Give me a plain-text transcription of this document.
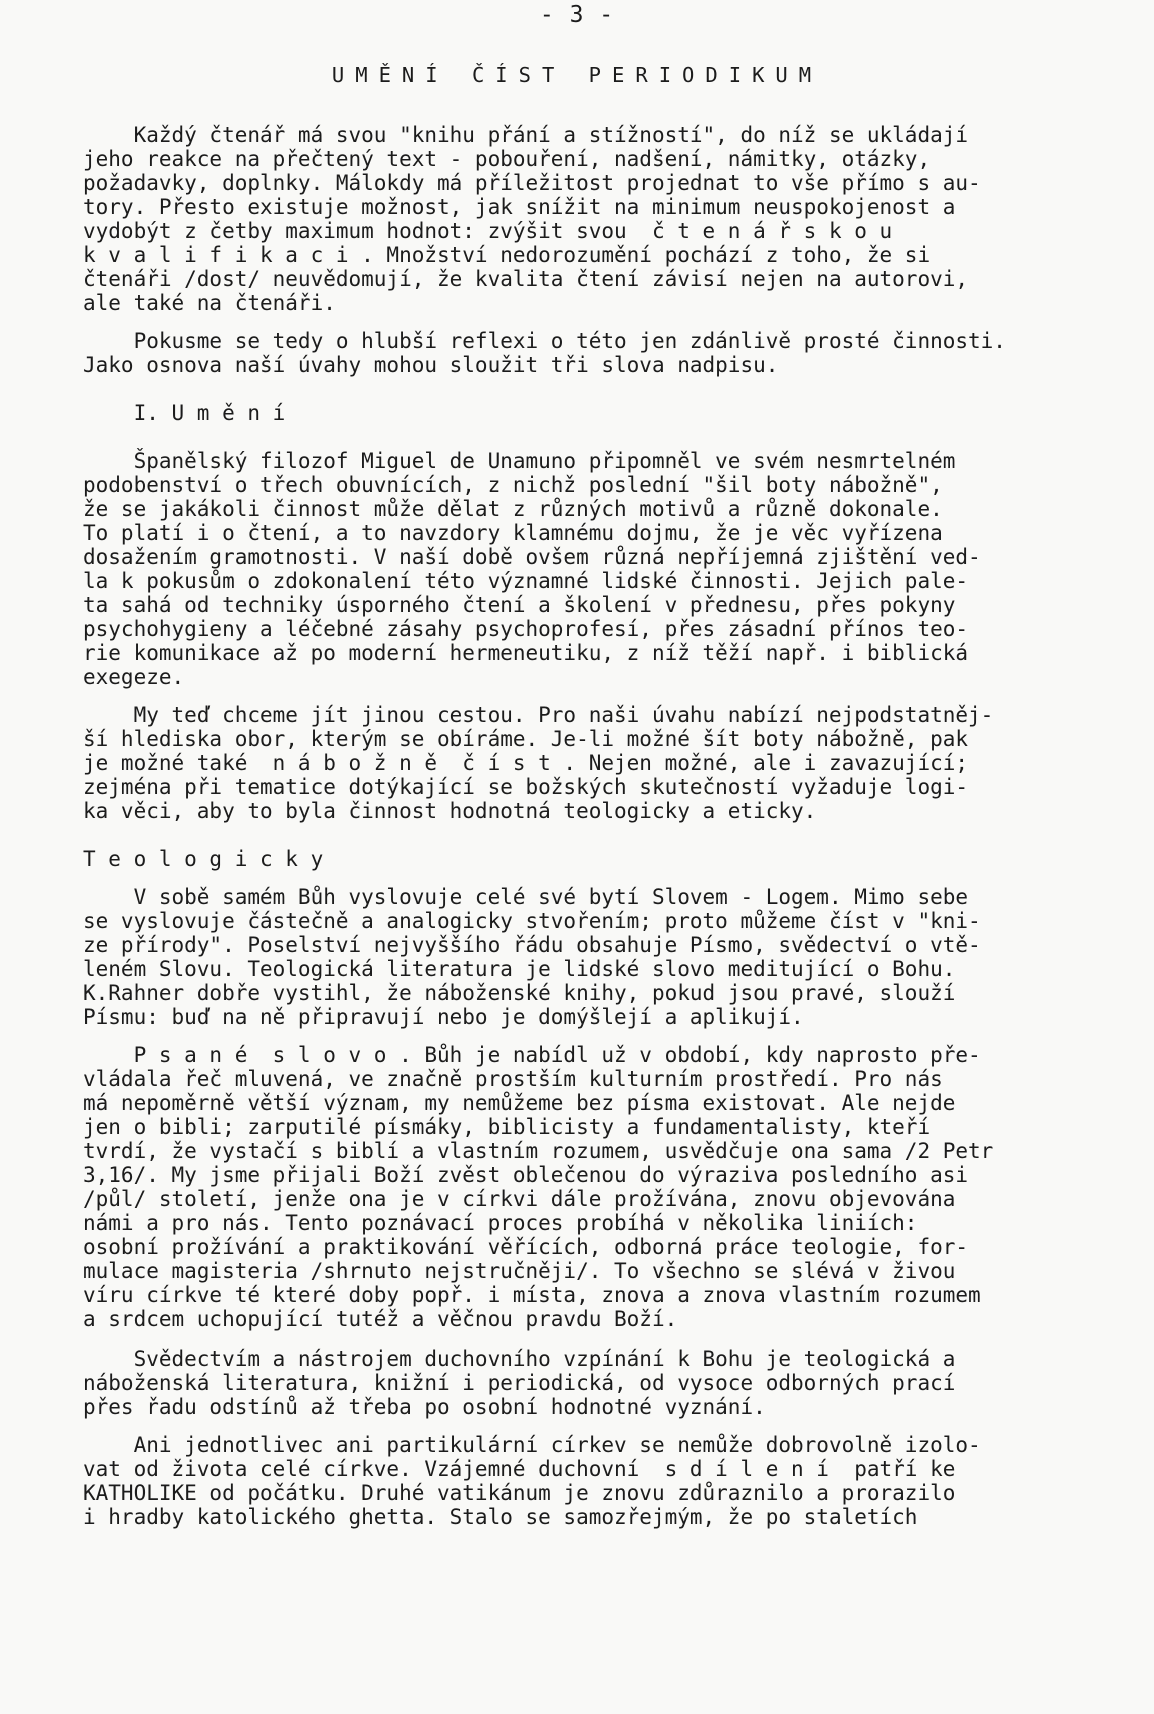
- 3 -
UMĚNÍ ČÍST PERIODIKUM
Každý čtenář má svou "knihu přání a stížností", do níž se ukládají
jeho reakce na přečtený text - pobouření, nadšení, námitky, otázky,
požadavky, doplnky. Málokdy má příležitost projednat to vše přímo s au-
tory. Přesto existuje možnost, jak snížit na minimum neuspokojenost a
vydobýt z četby maximum hodnot: zvýšit svou  č t e n á ř s k o u
k v a l i f i k a c i . Množství nedorozumění pochází z toho, že si
čtenáři /dost/ neuvědomují, že kvalita čtení závisí nejen na autorovi,
ale také na čtenáři.
Pokusme se tedy o hlubší reflexi o této jen zdánlivě prosté činnosti.
Jako osnova naší úvahy mohou sloužit tři slova nadpisu.
I. U m ě n í
Španělský filozof Miguel de Unamuno připomněl ve svém nesmrtelném
podobenství o třech obuvnících, z nichž poslední "šil boty nábožně",
že se jakákoli činnost může dělat z různých motivů a různě dokonale.
To platí i o čtení, a to navzdory klamnému dojmu, že je věc vyřízena
dosažením gramotnosti. V naší době ovšem různá nepříjemná zjištění ved-
la k pokusům o zdokonalení této významné lidské činnosti. Jejich pale-
ta sahá od techniky úsporného čtení a školení v přednesu, přes pokyny
psychohygieny a léčebné zásahy psychoprofesí, přes zásadní přínos teo-
rie komunikace až po moderní hermeneutiku, z níž těží např. i biblická
exegeze.
My teď chceme jít jinou cestou. Pro naši úvahu nabízí nejpodstatněj-
ší hlediska obor, kterým se obíráme. Je-li možné šít boty nábožně, pak
je možné také  n á b o ž n ě  č í s t . Nejen možné, ale i zavazující;
zejména při tematice dotýkající se božských skutečností vyžaduje logi-
ka věci, aby to byla činnost hodnotná teologicky a eticky.
T e o l o g i c k y
V sobě samém Bůh vyslovuje celé své bytí Slovem - Logem. Mimo sebe
se vyslovuje částečně a analogicky stvořením; proto můžeme číst v "kni-
ze přírody". Poselství nejvyššího řádu obsahuje Písmo, svědectví o vtě-
leném Slovu. Teologická literatura je lidské slovo meditující o Bohu.
K.Rahner dobře vystihl, že náboženské knihy, pokud jsou pravé, slouží
Písmu: buď na ně připravují nebo je domýšlejí a aplikují.
P s a n é  s l o v o . Bůh je nabídl už v období, kdy naprosto pře-
vládala řeč mluvená, ve značně prostším kulturním prostředí. Pro nás
má nepoměrně větší význam, my nemůžeme bez písma existovat. Ale nejde
jen o bibli; zarputilé písmáky, biblicisty a fundamentalisty, kteří
tvrdí, že vystačí s biblí a vlastním rozumem, usvědčuje ona sama /2 Petr
3,16/. My jsme přijali Boží zvěst oblečenou do výraziva posledního asi
/půl/ století, jenže ona je v církvi dále prožívána, znovu objevována
námi a pro nás. Tento poznávací proces probíhá v několika liniích:
osobní prožívání a praktikování věřících, odborná práce teologie, for-
mulace magisteria /shrnuto nejstručněji/. To všechno se slévá v živou
víru církve té které doby popř. i místa, znova a znova vlastním rozumem
a srdcem uchopující tutéž a věčnou pravdu Boží.
Svědectvím a nástrojem duchovního vzpínání k Bohu je teologická a
náboženská literatura, knižní i periodická, od vysoce odborných prací
přes řadu odstínů až třeba po osobní hodnotné vyznání.
Ani jednotlivec ani partikulární církev se nemůže dobrovolně izolo-
vat od života celé církve. Vzájemné duchovní  s d í l e n í  patří ke
KATHOLIKE od počátku. Druhé vatikánum je znovu zdůraznilo a prorazilo
i hradby katolického ghetta. Stalo se samozřejmým, že po staletích
